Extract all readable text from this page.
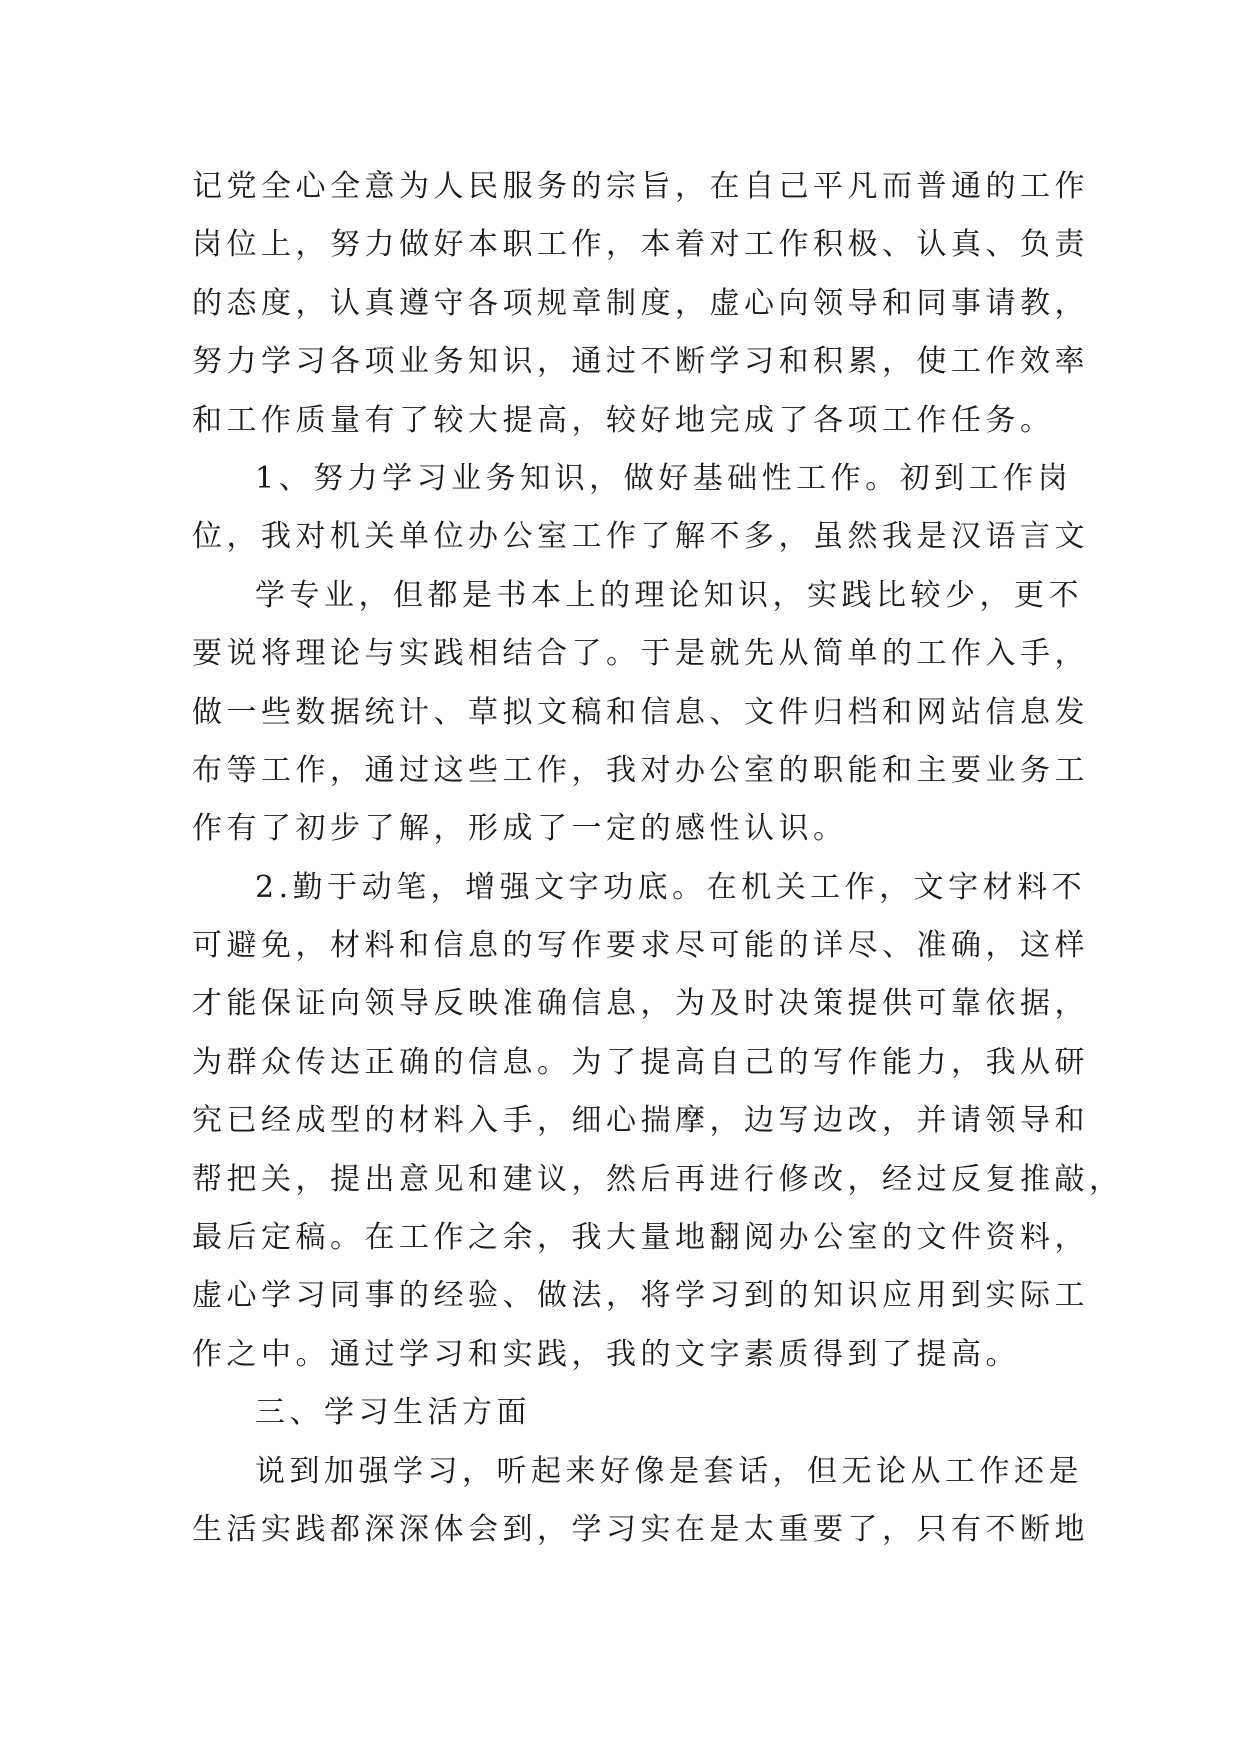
记党全心全意为人民服务的宗旨，在自己平凡而普通的工作
岗位上，努力做好本职工作，本着对工作积极、认真、负责
的态度，认真遵守各项规章制度，虚心向领导和同事请教，
努力学习各项业务知识，通过不断学习和积累，使工作效率
和工作质量有了较大提高，较好地完成了各项工作任务。
1、努力学习业务知识，做好基础性工作。初到工作岗
位，我对机关单位办公室工作了解不多，虽然我是汉语言文
学专业，但都是书本上的理论知识，实践比较少，更不
要说将理论与实践相结合了。于是就先从简单的工作入手，
做一些数据统计、草拟文稿和信息、文件归档和网站信息发
布等工作，通过这些工作，我对办公室的职能和主要业务工
作有了初步了解，形成了一定的感性认识。
2.勤于动笔，增强文字功底。在机关工作，文字材料不
可避免，材料和信息的写作要求尽可能的详尽、准确，这样
才能保证向领导反映准确信息，为及时决策提供可靠依据，
为群众传达正确的信息。为了提高自己的写作能力，我从研
究已经成型的材料入手，细心揣摩，边写边改，并请领导和
帮把关，提出意见和建议，然后再进行修改，经过反复推敲，
最后定稿。在工作之余，我大量地翻阅办公室的文件资料，
虚心学习同事的经验、做法，将学习到的知识应用到实际工
作之中。通过学习和实践，我的文字素质得到了提高。
三、学习生活方面
说到加强学习，听起来好像是套话，但无论从工作还是
生活实践都深深体会到，学习实在是太重要了，只有不断地
